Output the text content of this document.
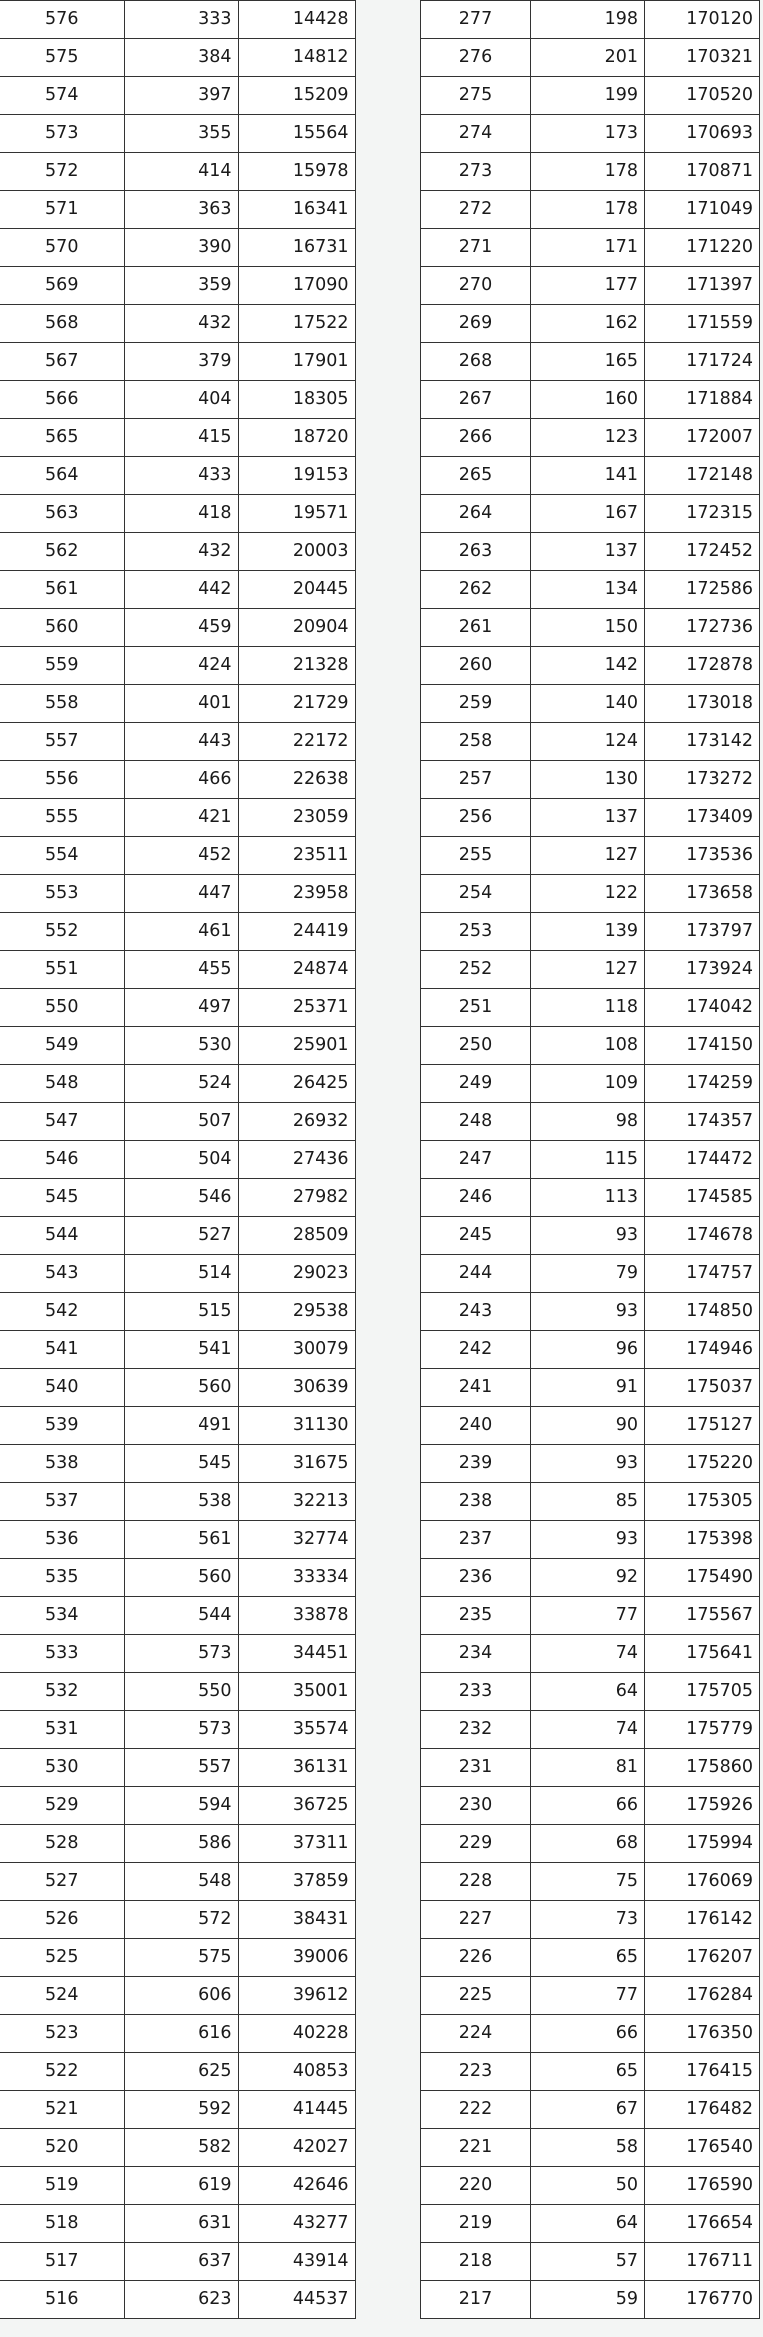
576	333	14428
575	384	14812
574	397	15209
573	355	15564
572	414	15978
571	363	16341
570	390	16731
569	359	17090
568	432	17522
567	379	17901
566	404	18305
565	415	18720
564	433	19153
563	418	19571
562	432	20003
561	442	20445
560	459	20904
559	424	21328
558	401	21729
557	443	22172
556	466	22638
555	421	23059
554	452	23511
553	447	23958
552	461	24419
551	455	24874
550	497	25371
549	530	25901
548	524	26425
547	507	26932
546	504	27436
545	546	27982
544	527	28509
543	514	29023
542	515	29538
541	541	30079
540	560	30639
539	491	31130
538	545	31675
537	538	32213
536	561	32774
535	560	33334
534	544	33878
533	573	34451
532	550	35001
531	573	35574
530	557	36131
529	594	36725
528	586	37311
527	548	37859
526	572	38431
525	575	39006
524	606	39612
523	616	40228
522	625	40853
521	592	41445
520	582	42027
519	619	42646
518	631	43277
517	637	43914
516	623	44537
277	198	170120
276	201	170321
275	199	170520
274	173	170693
273	178	170871
272	178	171049
271	171	171220
270	177	171397
269	162	171559
268	165	171724
267	160	171884
266	123	172007
265	141	172148
264	167	172315
263	137	172452
262	134	172586
261	150	172736
260	142	172878
259	140	173018
258	124	173142
257	130	173272
256	137	173409
255	127	173536
254	122	173658
253	139	173797
252	127	173924
251	118	174042
250	108	174150
249	109	174259
248	98	174357
247	115	174472
246	113	174585
245	93	174678
244	79	174757
243	93	174850
242	96	174946
241	91	175037
240	90	175127
239	93	175220
238	85	175305
237	93	175398
236	92	175490
235	77	175567
234	74	175641
233	64	175705
232	74	175779
231	81	175860
230	66	175926
229	68	175994
228	75	176069
227	73	176142
226	65	176207
225	77	176284
224	66	176350
223	65	176415
222	67	176482
221	58	176540
220	50	176590
219	64	176654
218	57	176711
217	59	176770
